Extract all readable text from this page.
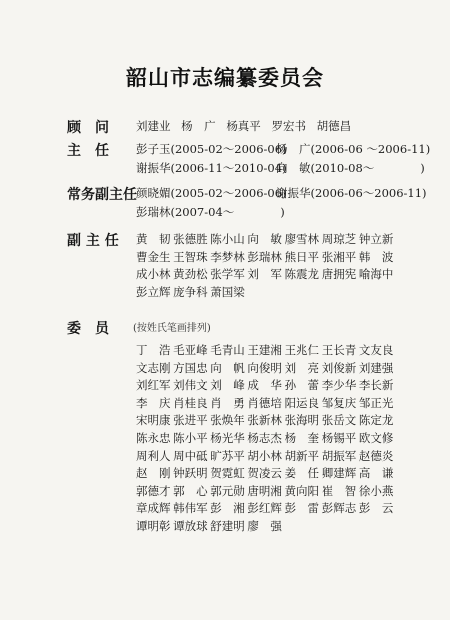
韶山市志编纂委员会
顾　问 刘建业 杨　广 杨真平 罗宏书 胡德昌
主　任 彭子玉(2005-02～2006-06)
杨　广(2006-06 ～2006-11)
谢振华(2006-11～2010-04)
向　敏(2010-08～　　　　)
常务副主任 颜晓媚(2005-02～2006-06)
谢振华(2006-06～2006-11)
彭瑞林(2007-04～　　　　)
副 主 任 黄　韧 张德胜 陈小山 向　敏 廖雪林 周琼芝 钟立新
曹金生 王智珠 李梦林 彭瑞林 熊日平 张湘平 韩　波
成小林 黄劲松 张学军 刘　军 陈震龙 唐拥宪 喻海中
彭立辉 庞争科 萧国梁
委　员 (按姓氏笔画排列)
丁　浩 毛亚峰 毛青山 王建湘 王兆仁 王长青 文友良
文志刚 方国忠 向　帆 向俊明 刘　亮 刘俊新 刘建强
刘红军 刘伟文 刘　峰 成　华 孙　蕾 李少华 李长新
李　庆 肖桂良 肖　勇 肖德培 阳运良 邹复庆 邹正光
宋明康 张进平 张焕年 张新林 张海明 张岳文 陈定龙
陈永忠 陈小平 杨光华 杨志杰 杨　奎 杨锡平 欧文修
周利人 周中砥 旷苏平 胡小林 胡新平 胡振军 赵德炎
赵　刚 钟跃明 贺霓虹 贺凌云 姜　任 卿建辉 高　谦
郭德才 郭　心 郭元勋 唐明湘 黄向阳 崔　智 徐小燕
章成辉 韩伟军 彭　湘 彭红辉 彭　雷 彭辉志 彭　云
谭明彰 谭放球 舒建明 廖　强
